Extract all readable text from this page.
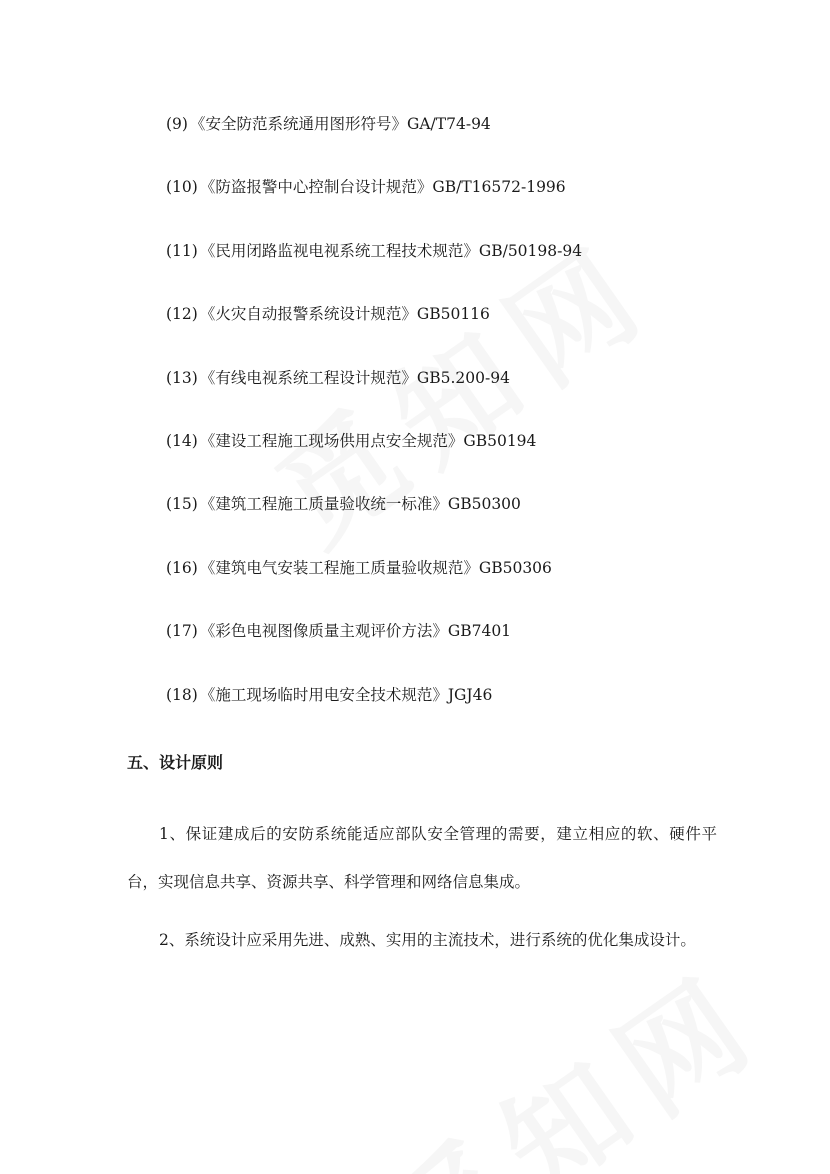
(9) 《安全防范系统通用图形符号》GA/T74-94
(10) 《防盗报警中心控制台设计规范》GB/T16572-1996
(11) 《民用闭路监视电视系统工程技术规范》GB/50198-94
(12) 《火灾自动报警系统设计规范》GB50116
(13) 《有线电视系统工程设计规范》GB5.200-94
(14) 《建设工程施工现场供用点安全规范》GB50194
(15) 《建筑工程施工质量验收统一标准》GB50300
(16) 《建筑电气安装工程施工质量验收规范》GB50306
(17) 《彩色电视图像质量主观评价方法》GB7401
(18) 《施工现场临时用电安全技术规范》JGJ46
五、设计原则

1、保证建成后的安防系统能适应部队安全管理的需要，建立相应的软、硬件平台，实现信息共享、资源共享、科学管理和网络信息集成。

2、系统设计应采用先进、成熟、实用的主流技术，进行系统的优化集成设计。
